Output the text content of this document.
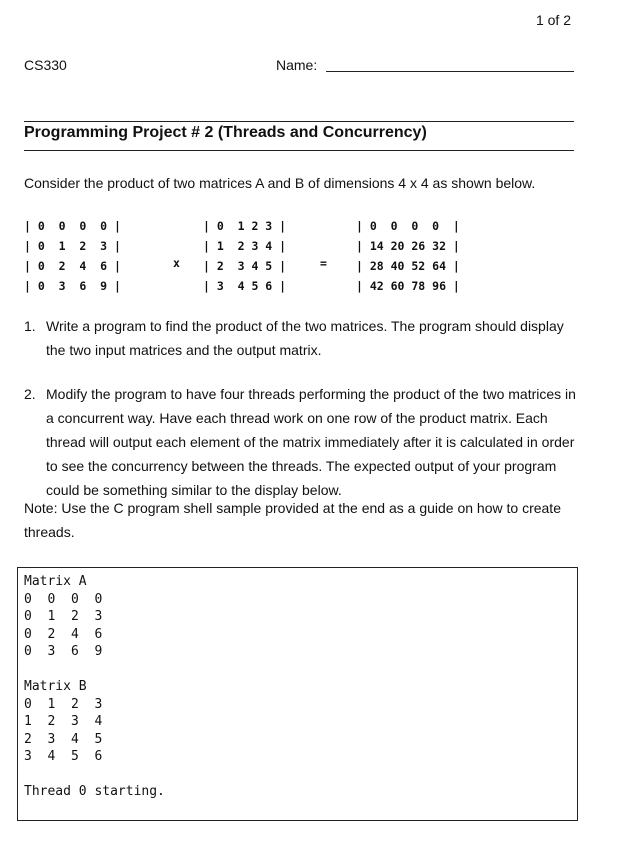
1 of 2
CS330	Name:
Programming Project # 2 (Threads and Concurrency)
Consider the product of two matrices A and B of dimensions 4 x 4 as shown below.
| 0  0  0  0 |
| 0  1  2  3 |
| 0  2  4  6 |
| 0  3  6  9 |
x
| 0  1 2 3 |
| 1  2 3 4 |
| 2  3 4 5 |
| 3  4 5 6 |
=
| 0  0  0  0  |
| 14 20 26 32 |
| 28 40 52 64 |
| 42 60 78 96 |
1. Write a program to find the product of the two matrices. The program should display the two input matrices and the output matrix.
2. Modify the program to have four threads performing the product of the two matrices in a concurrent way. Have each thread work on one row of the product matrix. Each thread will output each element of the matrix immediately after it is calculated in order to see the concurrency between the threads. The expected output of your program could be something similar to the display below.
Note: Use the C program shell sample provided at the end as a guide on how to create threads.
Matrix A
0  0  0  0
0  1  2  3
0  2  4  6
0  3  6  9

Matrix B
0  1  2  3
1  2  3  4
2  3  4  5
3  4  5  6

Thread 0 starting.
